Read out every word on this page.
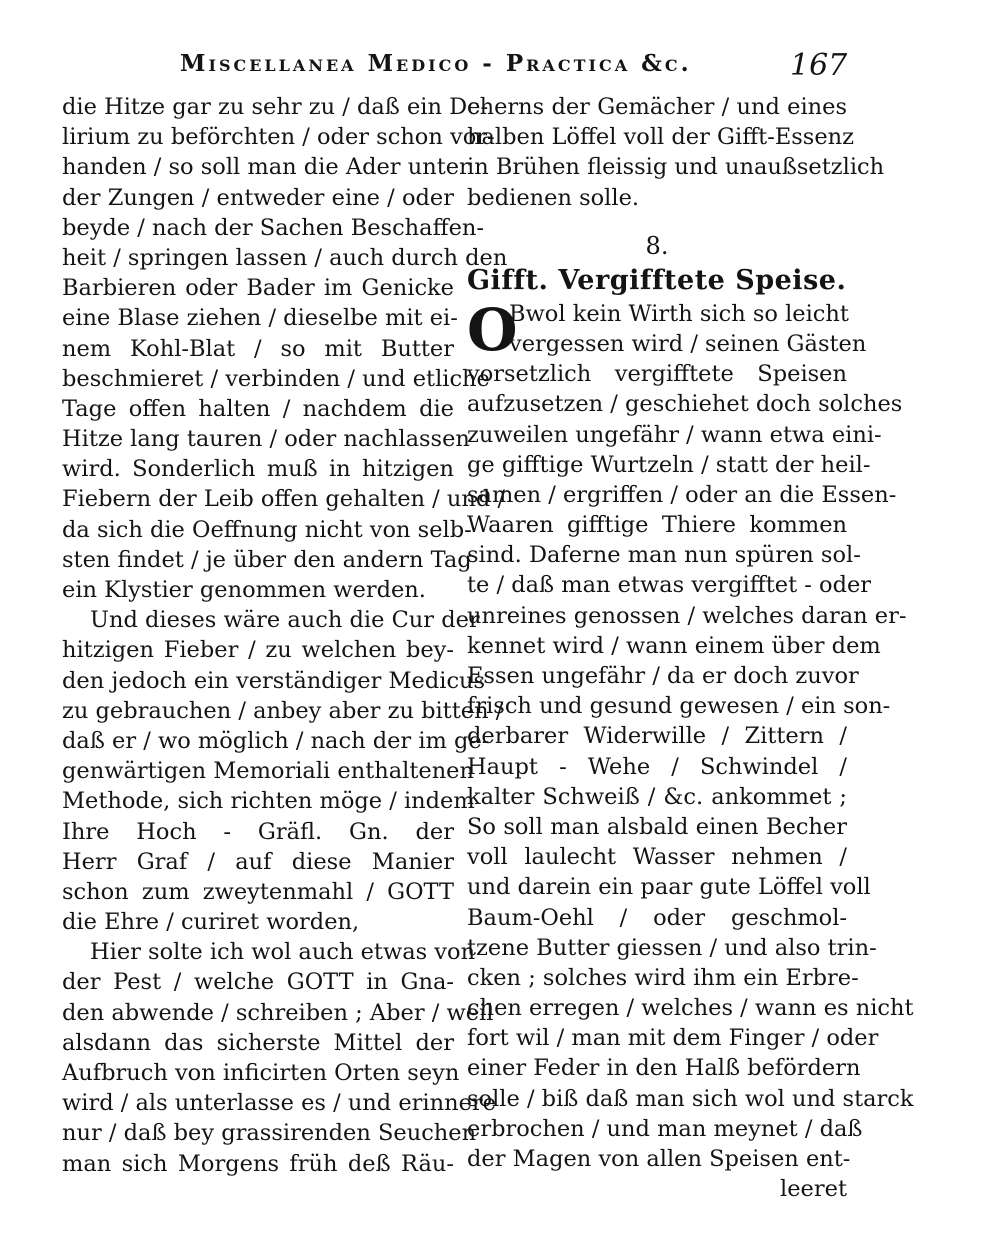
Miscellanea Medico - Practica &c.	167
die Hitze gar zu sehr zu / daß ein De-
lirium zu beförchten / oder schon vor-
handen / so soll man die Ader unter
der Zungen / entweder eine / oder
beyde / nach der Sachen Beschaffen-
heit / springen lassen / auch durch den
Barbieren oder Bader im Genicke
eine Blase ziehen / dieselbe mit ei-
nem Kohl-Blat / so mit Butter
beschmieret / verbinden / und etliche
Tage offen halten / nachdem die
Hitze lang tauren / oder nachlassen
wird. Sonderlich muß in hitzigen
Fiebern der Leib offen gehalten / und /
da sich die Oeffnung nicht von selb-
sten findet / je über den andern Tag
ein Klystier genommen werden.
Und dieses wäre auch die Cur der
hitzigen Fieber / zu welchen bey-
den jedoch ein verständiger Medicus
zu gebrauchen / anbey aber zu bitten /
daß er / wo möglich / nach der im ge-
genwärtigen Memoriali enthaltenen
Methode, sich richten möge / indem
Ihre Hoch - Gräfl. Gn. der
Herr Graf / auf diese Manier
schon zum zweytenmahl / GOTT
die Ehre / curiret worden,
Hier solte ich wol auch etwas von
der Pest / welche GOTT in Gna-
den abwende / schreiben ; Aber / weil
alsdann das sicherste Mittel der
Aufbruch von inficirten Orten seyn
wird / als unterlasse es / und erinnere
nur / daß bey grassirenden Seuchen
man sich Morgens früh deß Räu-
cherns der Gemächer / und eines
halben Löffel voll der Gifft-Essenz
in Brühen fleissig und unaußsetzlich
bedienen solle.
8.
Gifft. Vergifftete Speise.
O
Bwol kein Wirth sich so leicht
vergessen wird / seinen Gästen
vorsetzlich vergifftete Speisen
aufzusetzen / geschiehet doch solches
zuweilen ungefähr / wann etwa eini-
ge gifftige Wurtzeln / statt der heil-
samen / ergriffen / oder an die Essen-
Waaren gifftige Thiere kommen
sind. Daferne man nun spüren sol-
te / daß man etwas vergifftet - oder
unreines genossen / welches daran er-
kennet wird / wann einem über dem
Essen ungefähr / da er doch zuvor
frisch und gesund gewesen / ein son-
derbarer Widerwille / Zittern /
Haupt - Wehe / Schwindel /
kalter Schweiß / &c. ankommet ;
So soll man alsbald einen Becher
voll laulecht Wasser nehmen /
und darein ein paar gute Löffel voll
Baum-Oehl / oder geschmol-
tzene Butter giessen / und also trin-
cken ; solches wird ihm ein Erbre-
chen erregen / welches / wann es nicht
fort wil / man mit dem Finger / oder
einer Feder in den Halß befördern
solle / biß daß man sich wol und starck
erbrochen / und man meynet / daß
der Magen von allen Speisen ent-
leeret
